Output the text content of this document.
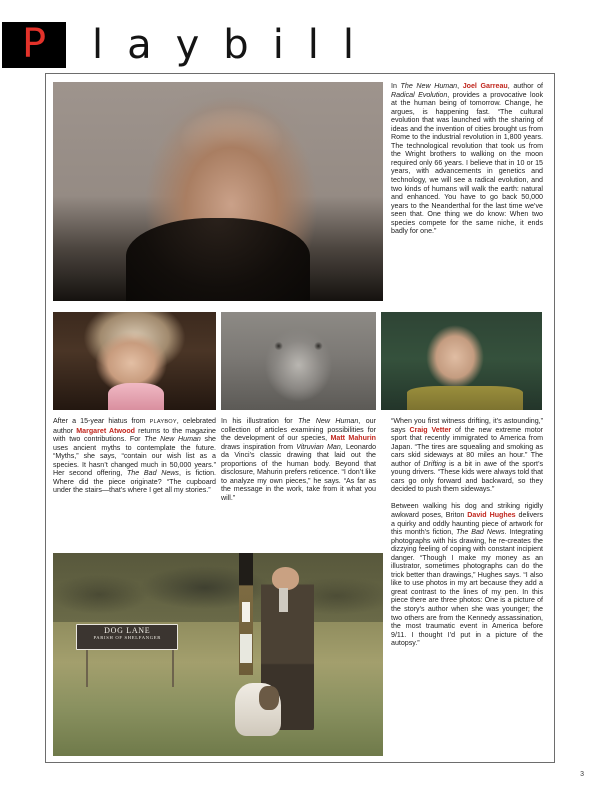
P	laybill

In The New Human, Joel Garreau, author of Radical Evolution, provides a provocative look at the human being of tomorrow. Change, he argues, is happening fast. “The cultural evolution that was launched with the sharing of ideas and the invention of cities brought us from Rome to the industrial revolution in 1,800 years. The technological revolution that took us from the Wright brothers to walking on the moon required only 66 years. I believe that in 10 or 15 years, with advancements in genetics and technology, we will see a radical evolution, and two kinds of humans will walk the earth: natural and enhanced. You have to go back 50,000 years to the Neanderthal for the last time we’ve seen that. One thing we do know: When two species compete for the same niche, it ends badly for one.”

After a 15-year hiatus from PLAYBOY, celebrated author Margaret Atwood returns to the magazine with two contributions. For The New Human she uses ancient myths to contemplate the future. “Myths,” she says, “contain our wish list as a species. It hasn’t changed much in 50,000 years.” Her second offering, The Bad News, is fiction. Where did the piece originate? “The cupboard under the stairs—that’s where I get all my stories.”

In his illustration for The New Human, our collection of articles examining possibilities for the development of our species, Matt Mahurin draws inspiration from Vitruvian Man, Leonardo da Vinci’s classic drawing that laid out the proportions of the human body. Beyond that disclosure, Mahurin prefers reticence. “I don’t like to analyze my own pieces,” he says. “As far as the message in the work, take from it what you will.”

“When you first witness drifting, it’s astounding,” says Craig Vetter of the new extreme motor sport that recently immigrated to America from Japan. “The tires are squealing and smoking as cars skid sideways at 80 miles an hour.” The author of Drifting is a bit in awe of the sport’s young drivers. “These kids were always told that cars go only forward and backward, so they decided to push them sideways.”

Between walking his dog and striking rigidly awkward poses, Briton David Hughes delivers a quirky and oddly haunting piece of artwork for this month’s fiction, The Bad News. Integrating photographs with his drawing, he re-creates the dizzying feeling of coping with constant incipient danger. “Though I make my money as an illustrator, sometimes photographs can do the trick better than drawings,” Hughes says. “I also like to use photos in my art because they add a great contrast to the lines of my pen. In this piece there are three photos: One is a picture of the story’s author when she was younger; the two others are from the Kennedy assassination, the most traumatic event in America before 9/11. I thought I’d put in a picture of the autopsy.”

DOG LANE
PARISH OF SHELFANGER
3
